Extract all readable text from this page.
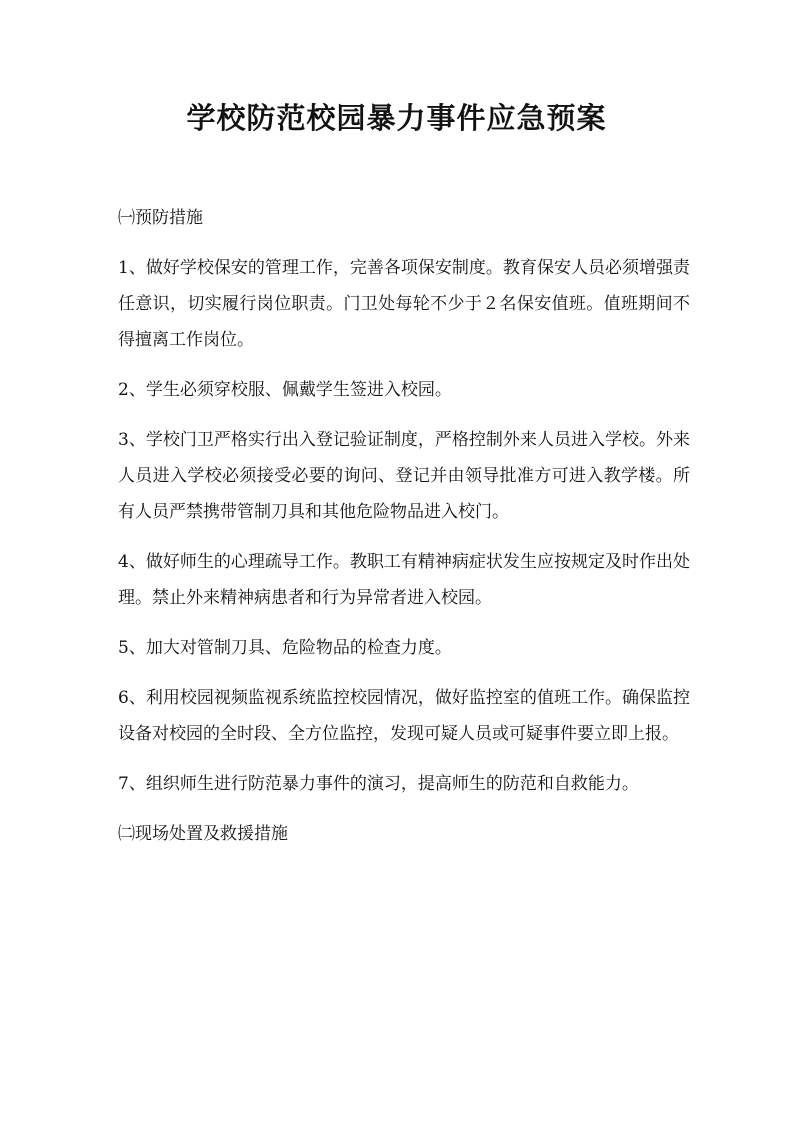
学校防范校园暴力事件应急预案

㈠预防措施

1、做好学校保安的管理工作，完善各项保安制度。教育保安人员必须增强责任意识，切实履行岗位职责。门卫处每轮不少于２名保安值班。值班期间不得擅离工作岗位。

2、学生必须穿校服、佩戴学生签进入校园。

3、学校门卫严格实行出入登记验证制度，严格控制外来人员进入学校。外来人员进入学校必须接受必要的询问、登记并由领导批准方可进入教学楼。所有人员严禁携带管制刀具和其他危险物品进入校门。

4、做好师生的心理疏导工作。教职工有精神病症状发生应按规定及时作出处理。禁止外来精神病患者和行为异常者进入校园。

5、加大对管制刀具、危险物品的检查力度。

6、利用校园视频监视系统监控校园情况，做好监控室的值班工作。确保监控设备对校园的全时段、全方位监控，发现可疑人员或可疑事件要立即上报。

7、组织师生进行防范暴力事件的演习，提高师生的防范和自救能力。

㈡现场处置及救援措施
